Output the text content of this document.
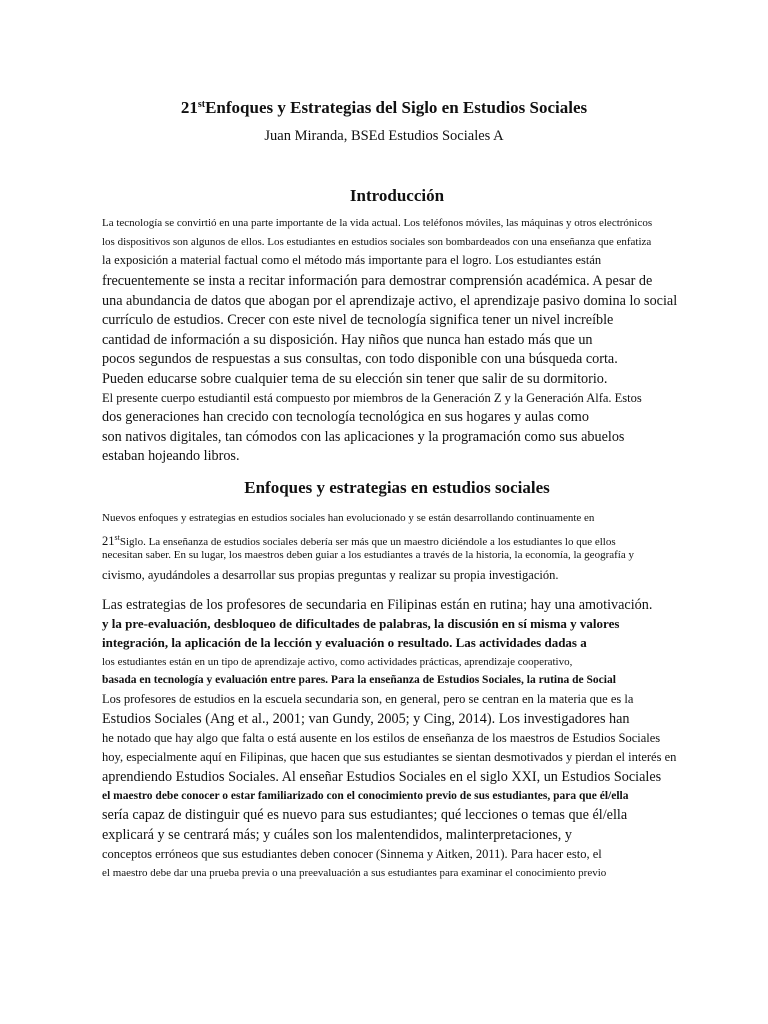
21stEnfoques y Estrategias del Siglo en Estudios Sociales
Juan Miranda, BSEd Estudios Sociales A
Introducción
La tecnología se convirtió en una parte importante de la vida actual. Los teléfonos móviles, las máquinas y otros electrónicos
los dispositivos son algunos de ellos. Los estudiantes en estudios sociales son bombardeados con una enseñanza que enfatiza
la exposición a material factual como el método más importante para el logro. Los estudiantes están
frecuentemente se insta a recitar información para demostrar comprensión académica. A pesar de
una abundancia de datos que abogan por el aprendizaje activo, el aprendizaje pasivo domina lo social
currículo de estudios. Crecer con este nivel de tecnología significa tener un nivel increíble
cantidad de información a su disposición. Hay niños que nunca han estado más que un
pocos segundos de respuestas a sus consultas, con todo disponible con una búsqueda corta.
Pueden educarse sobre cualquier tema de su elección sin tener que salir de su dormitorio.
El presente cuerpo estudiantil está compuesto por miembros de la Generación Z y la Generación Alfa. Estos
dos generaciones han crecido con tecnología tecnológica en sus hogares y aulas como
son nativos digitales, tan cómodos con las aplicaciones y la programación como sus abuelos
estaban hojeando libros.
Enfoques y estrategias en estudios sociales
Nuevos enfoques y estrategias en estudios sociales han evolucionado y se están desarrollando continuamente en
21stSiglo. La enseñanza de estudios sociales debería ser más que un maestro diciéndole a los estudiantes lo que ellos
necesitan saber. En su lugar, los maestros deben guiar a los estudiantes a través de la historia, la economía, la geografía y
civismo, ayudándoles a desarrollar sus propias preguntas y realizar su propia investigación.
Las estrategias de los profesores de secundaria en Filipinas están en rutina; hay una amotivación.
y la pre-evaluación, desbloqueo de dificultades de palabras, la discusión en sí misma y valores
integración, la aplicación de la lección y evaluación o resultado. Las actividades dadas a
los estudiantes están en un tipo de aprendizaje activo, como actividades prácticas, aprendizaje cooperativo,
basada en tecnología y evaluación entre pares. Para la enseñanza de Estudios Sociales, la rutina de Social
Los profesores de estudios en la escuela secundaria son, en general, pero se centran en la materia que es la
Estudios Sociales (Ang et al., 2001; van Gundy, 2005; y Cing, 2014). Los investigadores han
he notado que hay algo que falta o está ausente en los estilos de enseñanza de los maestros de Estudios Sociales
hoy, especialmente aquí en Filipinas, que hacen que sus estudiantes se sientan desmotivados y pierdan el interés en
aprendiendo Estudios Sociales. Al enseñar Estudios Sociales en el siglo XXI, un Estudios Sociales
el maestro debe conocer o estar familiarizado con el conocimiento previo de sus estudiantes, para que él/ella
sería capaz de distinguir qué es nuevo para sus estudiantes; qué lecciones o temas que él/ella
explicará y se centrará más; y cuáles son los malentendidos, malinterpretaciones, y
conceptos erróneos que sus estudiantes deben conocer (Sinnema y Aitken, 2011). Para hacer esto, el
el maestro debe dar una prueba previa o una preevaluación a sus estudiantes para examinar el conocimiento previo
